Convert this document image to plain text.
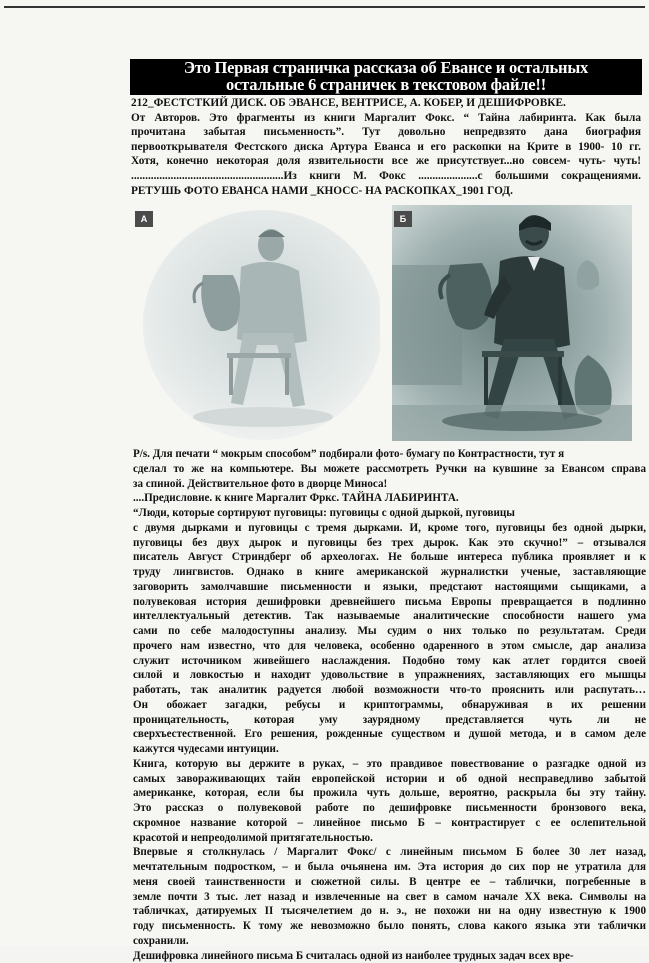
Это Первая страничка рассказа об Евансе и остальных
остальные 6 страничек в текстовом файле!!

212_ФЕСТСТКИЙ ДИСК. ОБ ЭВАНСЕ, ВЕНТРИСЕ, А. КОБЕР, И ДЕШИФРОВКЕ.

От Авторов. Это фрагменты из книги Маргалит Фокс. “ Тайна лабиринта. Как была

прочитана забытая письменность”. Тут довольно непредвзято дана биография

первооткрывателя Фестского диска Артура Еванса и его раскопки на Крите в 1900- 10 гг.

Хотя, конечно некоторая доля язвительности все же присутствует...но совсем- чуть- чуть!

......................................................Из книги М. Фокс .....................с большими сокращениями.

РЕТУШЬ ФОТО ЕВАНСА НАМИ _КНОСС- НА РАСКОПКАХ_1901 ГОД.

А	Б

P/s. Для печати “ мокрым способом” подбирали фото- бумагу по Контрастности, тут я

сделал то же на компьютере. Вы можете рассмотреть Ручки на кувшине за Евансом справа

за спиной. Действительное фото в дворце Миноса!

....Предисловие. к книге Маргалит Фркс. ТАЙНА ЛАБИРИНТА.

“Люди, которые сортируют пуговицы: пуговицы с одной дыркой, пуговицы

с двумя дырками и пуговицы с тремя дырками. И, кроме того, пуговицы без одной дырки,

пуговицы без двух дырок и пуговицы без трех дырок. Как это скучно!” – отзывался

писатель Август Стриндберг об археологах. Не больше интереса публика проявляет и к

труду лингвистов. Однако в книге американской журналистки ученые, заставляющие

заговорить замолчавшие письменности и языки, предстают настоящими сыщиками, а

полувековая история дешифровки древнейшего письма Европы превращается в подлинно

интеллектуальный детектив. Так называемые аналитические способности нашего ума

сами по себе малодоступны анализу. Мы судим о них только по результатам. Среди

прочего нам известно, что для человека, особенно одаренного в этом смысле, дар анализа

служит источником живейшего наслаждения. Подобно тому как атлет гордится своей

силой и ловкостью и находит удовольствие в упражнениях, заставляющих его мышцы

работать, так аналитик радуется любой возможности что-то прояснить или распутать…

Он обожает загадки, ребусы и криптограммы, обнаруживая в их решении

проницательность, которая уму заурядному представляется чуть ли не

сверхъестественной. Его решения, рожденные существом и душой метода, и в самом деле

кажутся чудесами интуиции.

Книга, которую вы держите в руках, – это правдивое повествование о разгадке одной из

самых завораживающих тайн европейской истории и об одной несправедливо забытой

американке, которая, если бы прожила чуть дольше, вероятно, раскрыла бы эту тайну.

Это рассказ о полувековой работе по дешифровке письменности бронзового века,

скромное название которой – линейное письмо Б – контрастирует с ее ослепительной

красотой и непреодолимой притягательностью.

Впервые я столкнулась / Маргалит Фокс/ с линейным письмом Б более 30 лет назад,

мечтательным подростком, – и была очьянена им. Эта история до сих пор не утратила для

меня своей таинственности и сюжетной силы. В центре ее – таблички, погребенные в

земле почти 3 тыс. лет назад и извлеченные на свет в самом начале XX века. Символы на

табличках, датируемых II тысячелетием до н. э., не похожи ни на одну известную к 1900

году письменность. К тому же невозможно было понять, слова какого языка эти таблички

сохранили.

Дешифровка линейного письма Б считалась одной из наиболее трудных задач всех вре-
